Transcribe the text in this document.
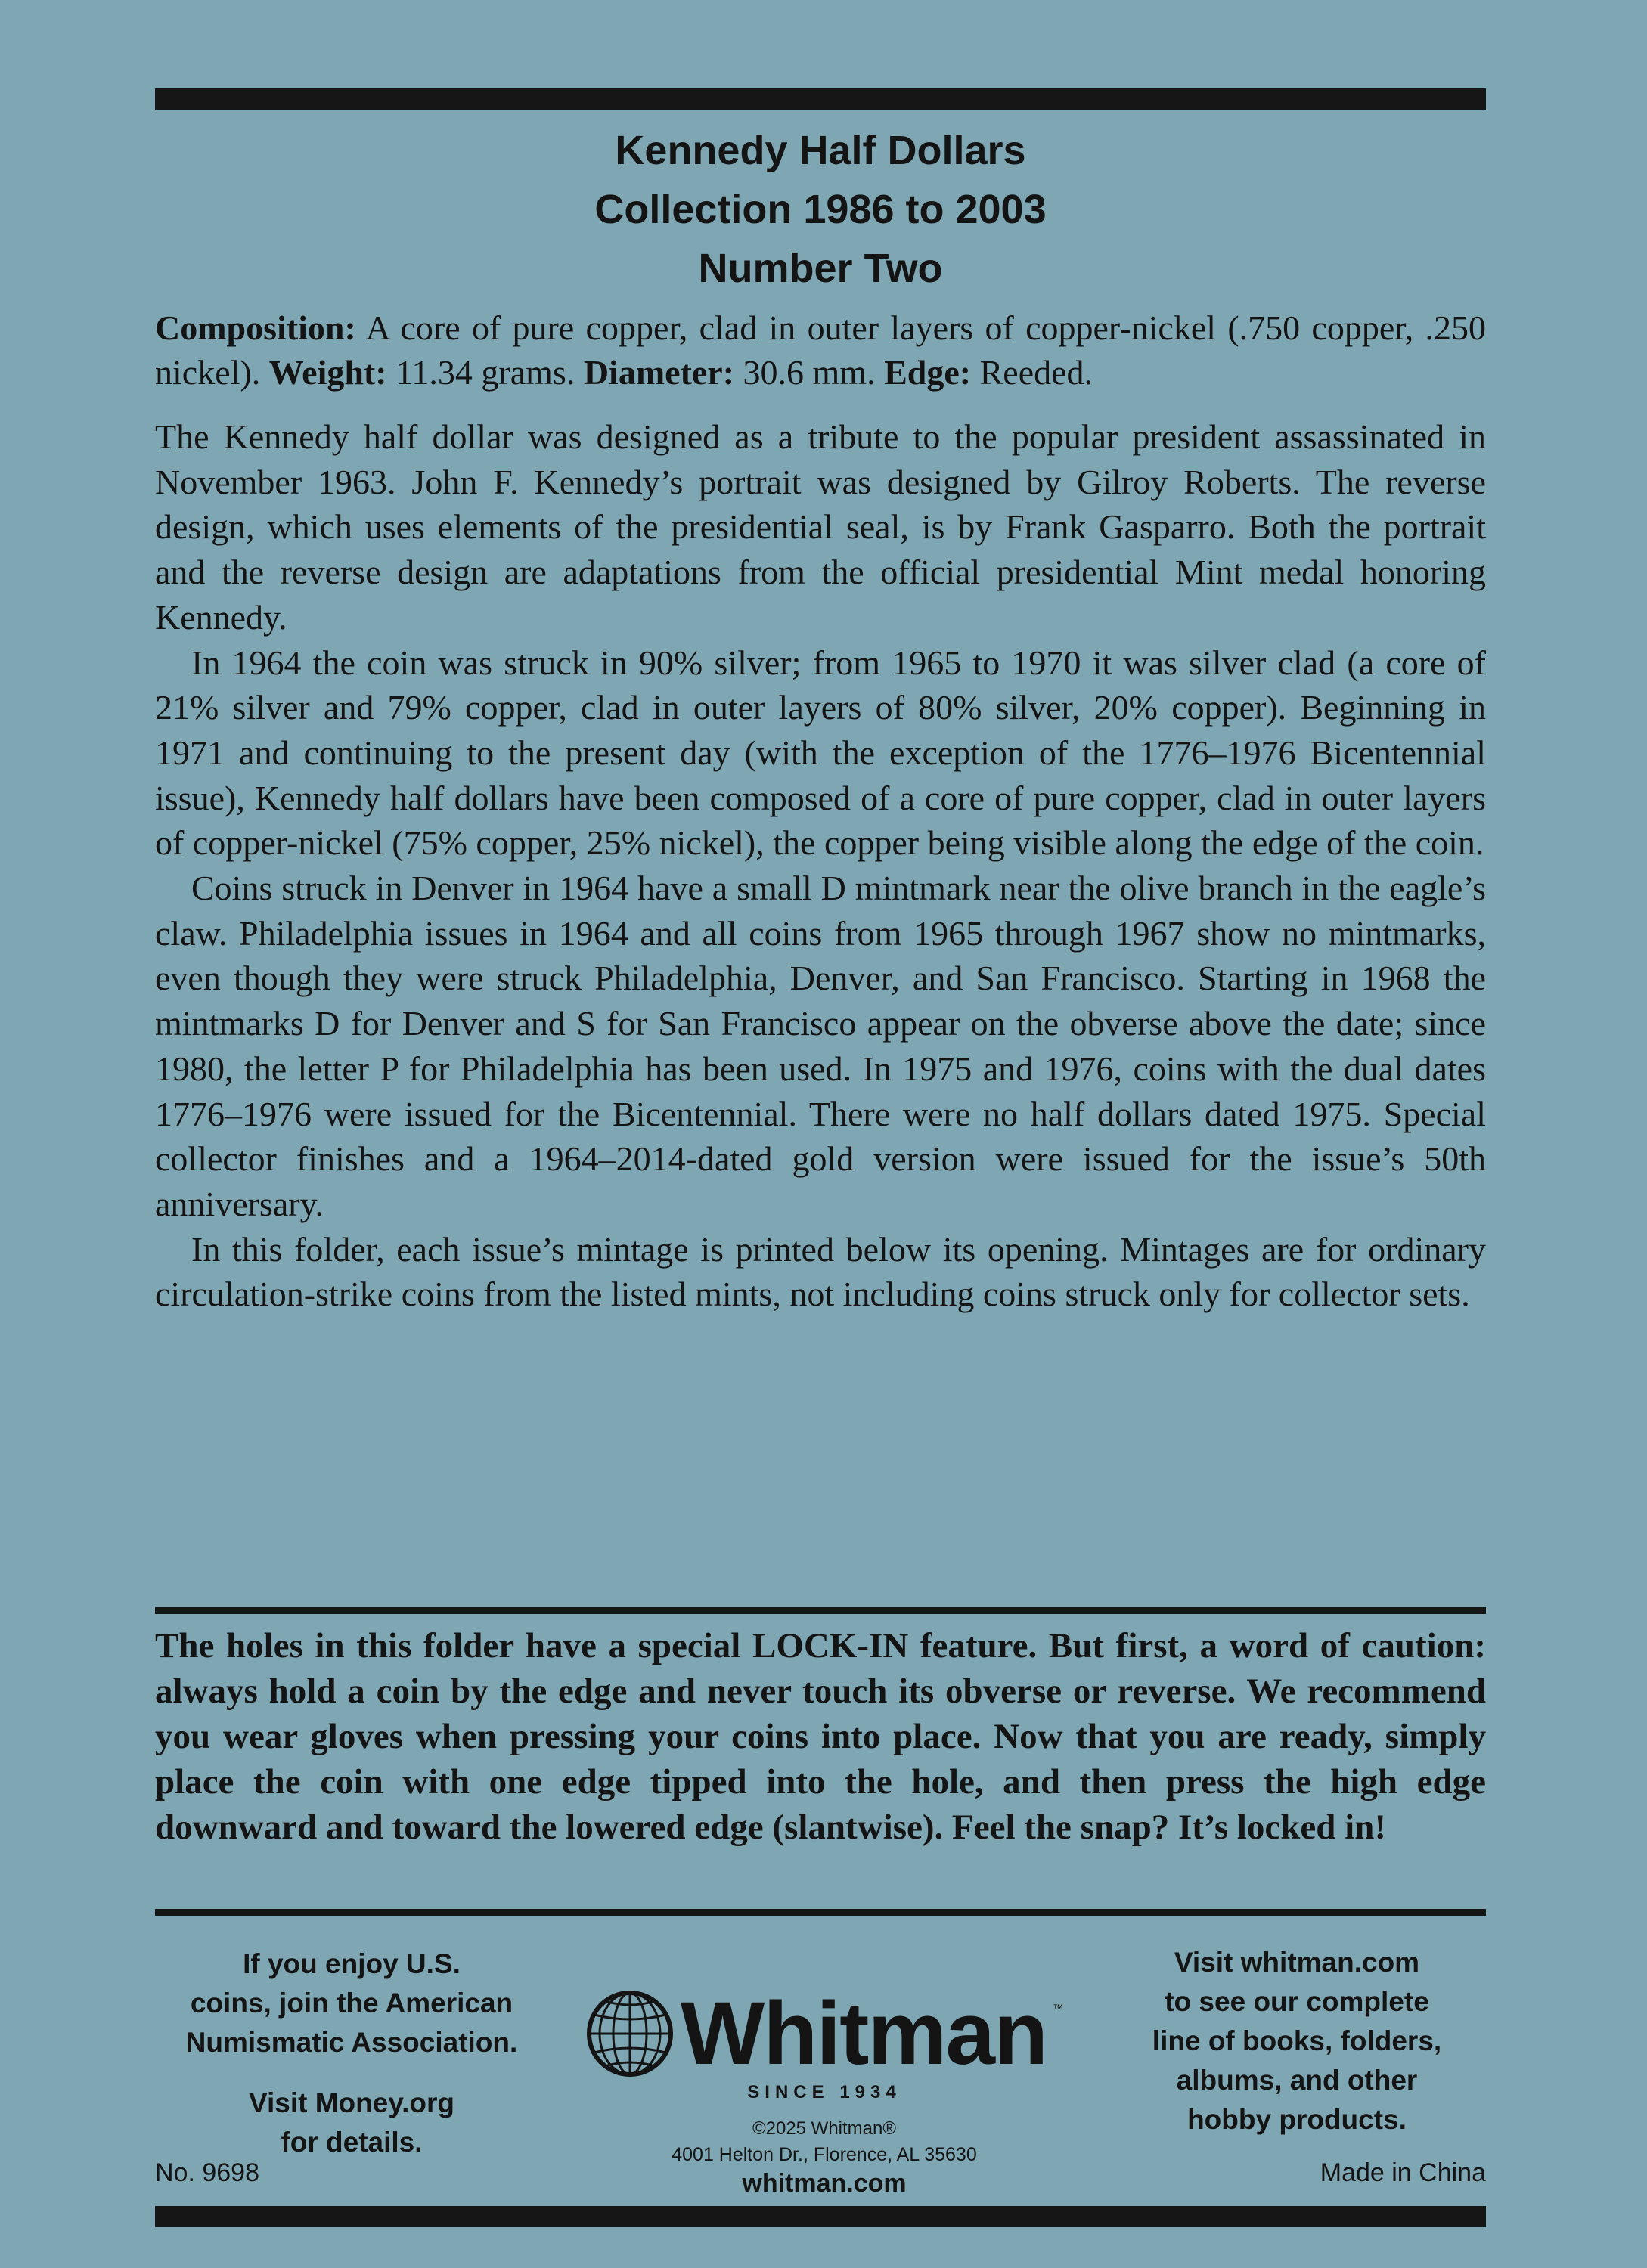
Kennedy Half Dollars
Collection 1986 to 2003
Number Two

Composition: A core of pure copper, clad in outer layers of copper-nickel (.750 copper, .250 nickel). Weight: 11.34 grams. Diameter: 30.6 mm. Edge: Reeded.

The Kennedy half dollar was designed as a tribute to the popular president assassinated in November 1963. John F. Kennedy’s portrait was designed by Gilroy Roberts. The reverse design, which uses elements of the presidential seal, is by Frank Gasparro. Both the portrait and the reverse design are adaptations from the official presidential Mint medal honoring Kennedy.

In 1964 the coin was struck in 90% silver; from 1965 to 1970 it was silver clad (a core of 21% silver and 79% copper, clad in outer layers of 80% silver, 20% copper). Beginning in 1971 and continuing to the present day (with the exception of the 1776–1976 Bicentennial issue), Kennedy half dollars have been composed of a core of pure copper, clad in outer layers of copper-nickel (75% copper, 25% nickel), the copper being visible along the edge of the coin.

Coins struck in Denver in 1964 have a small D mintmark near the olive branch in the eagle’s claw. Philadelphia issues in 1964 and all coins from 1965 through 1967 show no mintmarks, even though they were struck Philadelphia, Denver, and San Francisco. Starting in 1968 the mintmarks D for Denver and S for San Francisco appear on the obverse above the date; since 1980, the letter P for Philadelphia has been used. In 1975 and 1976, coins with the dual dates 1776–1976 were issued for the Bicentennial. There were no half dollars dated 1975. Special collector finishes and a 1964–2014-dated gold version were issued for the issue’s 50th anniversary.

In this folder, each issue’s mintage is printed below its opening. Mintages are for ordinary circulation-strike coins from the listed mints, not including coins struck only for collector sets.

The holes in this folder have a special LOCK-IN feature. But first, a word of caution: always hold a coin by the edge and never touch its obverse or reverse. We recommend you wear gloves when pressing your coins into place. Now that you are ready, simply place the coin with one edge tipped into the hole, and then press the high edge downward and toward the lowered edge (slantwise). Feel the snap? It’s locked in!

If you enjoy U.S.
coins, join the American
Numismatic Association.
Visit Money.org
for details.
Whitman ™
SINCE 1934
©2025 Whitman®
4001 Helton Dr., Florence, AL 35630
whitman.com
Visit whitman.com
to see our complete
line of books, folders,
albums, and other
hobby products.
No. 9698	Made in China
